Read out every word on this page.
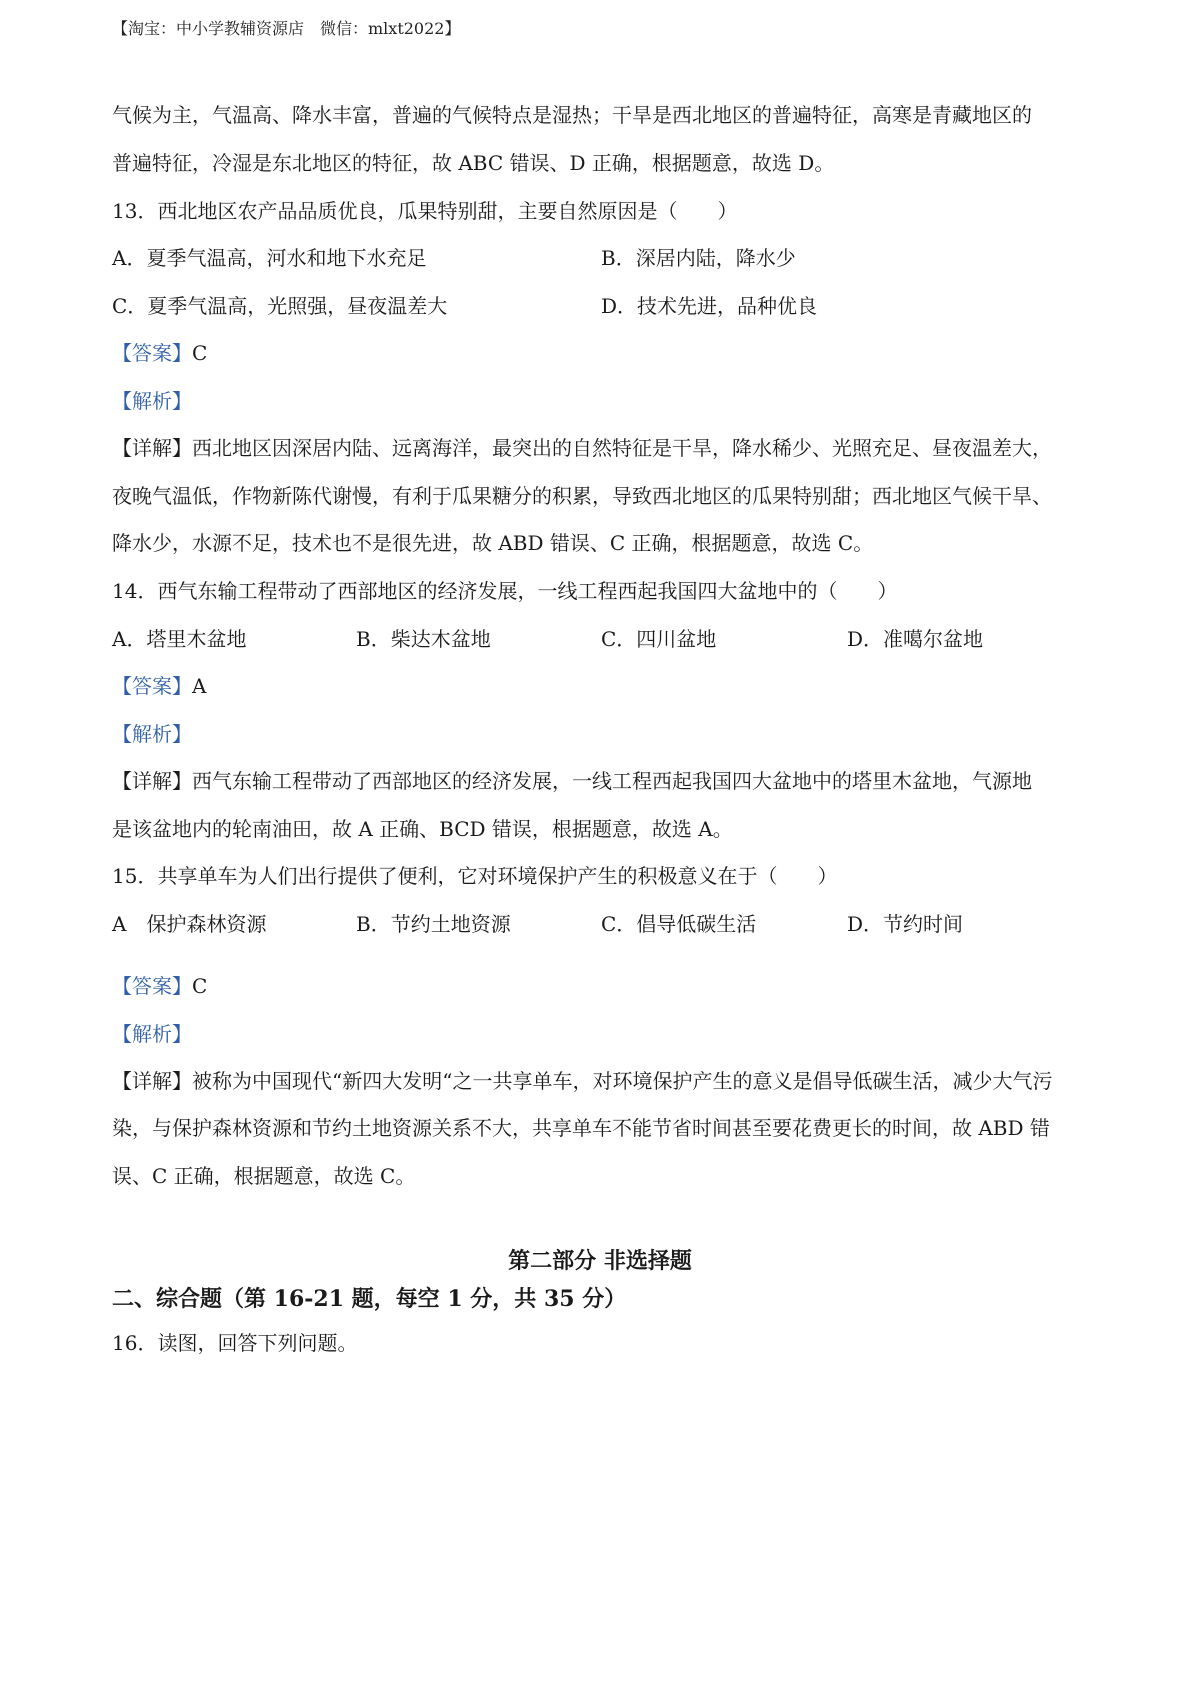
【淘宝：中小学教辅资源店　微信：mlxt2022】
气候为主，气温高、降水丰富，普遍的气候特点是湿热；干旱是西北地区的普遍特征，高寒是青藏地区的
普遍特征，冷湿是东北地区的特征，故 ABC 错误、D 正确，根据题意，故选 D。
13．西北地区农产品品质优良，瓜果特别甜，主要自然原因是（　　）
A．夏季气温高，河水和地下水充足	B．深居内陆，降水少
C．夏季气温高，光照强，昼夜温差大	D．技术先进，品种优良
【答案】C
【解析】
【详解】西北地区因深居内陆、远离海洋，最突出的自然特征是干旱，降水稀少、光照充足、昼夜温差大，
夜晚气温低，作物新陈代谢慢，有利于瓜果糖分的积累，导致西北地区的瓜果特别甜；西北地区气候干旱、
降水少，水源不足，技术也不是很先进，故 ABD 错误、C 正确，根据题意，故选 C。
14．西气东输工程带动了西部地区的经济发展，一线工程西起我国四大盆地中的（　　）
A．塔里木盆地	B．柴达木盆地	C．四川盆地	D．准噶尔盆地
【答案】A
【解析】
【详解】西气东输工程带动了西部地区的经济发展，一线工程西起我国四大盆地中的塔里木盆地，气源地
是该盆地内的轮南油田，故 A 正确、BCD 错误，根据题意，故选 A。
15．共享单车为人们出行提供了便利，它对环境保护产生的积极意义在于（　　）
A　保护森林资源	B．节约土地资源	C．倡导低碳生活	D．节约时间
【答案】C
【解析】
【详解】被称为中国现代“新四大发明“之一共享单车，对环境保护产生的意义是倡导低碳生活，减少大气污
染，与保护森林资源和节约土地资源关系不大，共享单车不能节省时间甚至要花费更长的时间，故 ABD 错
误、C 正确，根据题意，故选 C。
第二部分 非选择题
二、综合题（第 16-21 题，每空 1 分，共 35 分）
16．读图，回答下列问题。
